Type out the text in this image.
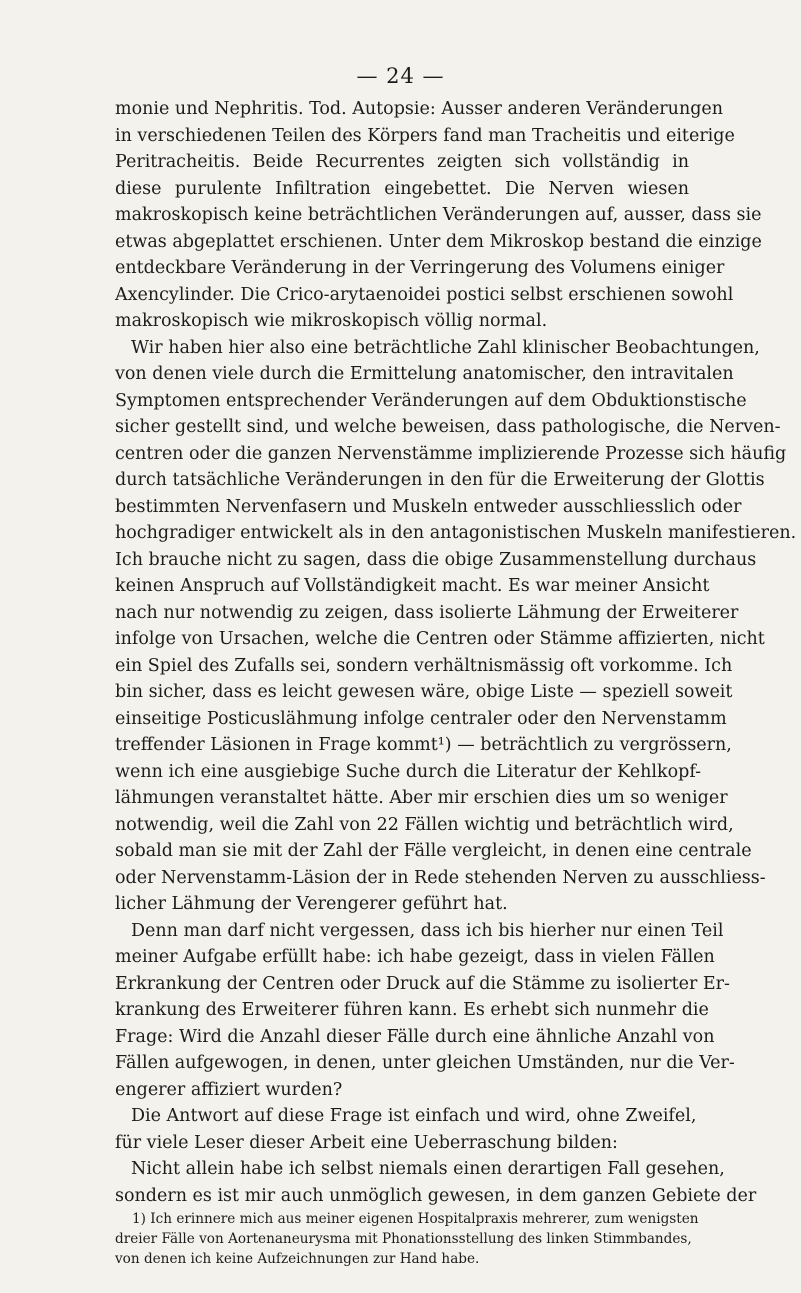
— 24 —
monie und Nephritis. Tod. Autopsie: Ausser anderen Veränderungen
in verschiedenen Teilen des Körpers fand man Tracheitis und eiterige
Peritracheitis. Beide Recurrentes zeigten sich vollständig in
diese purulente Infiltration eingebettet. Die Nerven wiesen
makroskopisch keine beträchtlichen Veränderungen auf, ausser, dass sie
etwas abgeplattet erschienen. Unter dem Mikroskop bestand die einzige
entdeckbare Veränderung in der Verringerung des Volumens einiger
Axencylinder. Die Crico-arytaenoidei postici selbst erschienen sowohl
makroskopisch wie mikroskopisch völlig normal.
Wir haben hier also eine beträchtliche Zahl klinischer Beobachtungen,
von denen viele durch die Ermittelung anatomischer, den intravitalen
Symptomen entsprechender Veränderungen auf dem Obduktionstische
sicher gestellt sind, und welche beweisen, dass pathologische, die Nerven-
centren oder die ganzen Nervenstämme implizierende Prozesse sich häufig
durch tatsächliche Veränderungen in den für die Erweiterung der Glottis
bestimmten Nervenfasern und Muskeln entweder ausschliesslich oder
hochgradiger entwickelt als in den antagonistischen Muskeln manifestieren.
Ich brauche nicht zu sagen, dass die obige Zusammenstellung durchaus
keinen Anspruch auf Vollständigkeit macht. Es war meiner Ansicht
nach nur notwendig zu zeigen, dass isolierte Lähmung der Erweiterer
infolge von Ursachen, welche die Centren oder Stämme affizierten, nicht
ein Spiel des Zufalls sei, sondern verhältnismässig oft vorkomme. Ich
bin sicher, dass es leicht gewesen wäre, obige Liste — speziell soweit
einseitige Posticuslähmung infolge centraler oder den Nervenstamm
treffender Läsionen in Frage kommt¹) — beträchtlich zu vergrössern,
wenn ich eine ausgiebige Suche durch die Literatur der Kehlkopf-
lähmungen veranstaltet hätte. Aber mir erschien dies um so weniger
notwendig, weil die Zahl von 22 Fällen wichtig und beträchtlich wird,
sobald man sie mit der Zahl der Fälle vergleicht, in denen eine centrale
oder Nervenstamm-Läsion der in Rede stehenden Nerven zu ausschliess-
licher Lähmung der Verengerer geführt hat.
Denn man darf nicht vergessen, dass ich bis hierher nur einen Teil
meiner Aufgabe erfüllt habe: ich habe gezeigt, dass in vielen Fällen
Erkrankung der Centren oder Druck auf die Stämme zu isolierter Er-
krankung des Erweiterer führen kann. Es erhebt sich nunmehr die
Frage: Wird die Anzahl dieser Fälle durch eine ähnliche Anzahl von
Fällen aufgewogen, in denen, unter gleichen Umständen, nur die Ver-
engerer affiziert wurden?
Die Antwort auf diese Frage ist einfach und wird, ohne Zweifel,
für viele Leser dieser Arbeit eine Ueberraschung bilden:
Nicht allein habe ich selbst niemals einen derartigen Fall gesehen,
sondern es ist mir auch unmöglich gewesen, in dem ganzen Gebiete der
1) Ich erinnere mich aus meiner eigenen Hospitalpraxis mehrerer, zum wenigsten
dreier Fälle von Aortenaneurysma mit Phonationsstellung des linken Stimmbandes,
von denen ich keine Aufzeichnungen zur Hand habe.
